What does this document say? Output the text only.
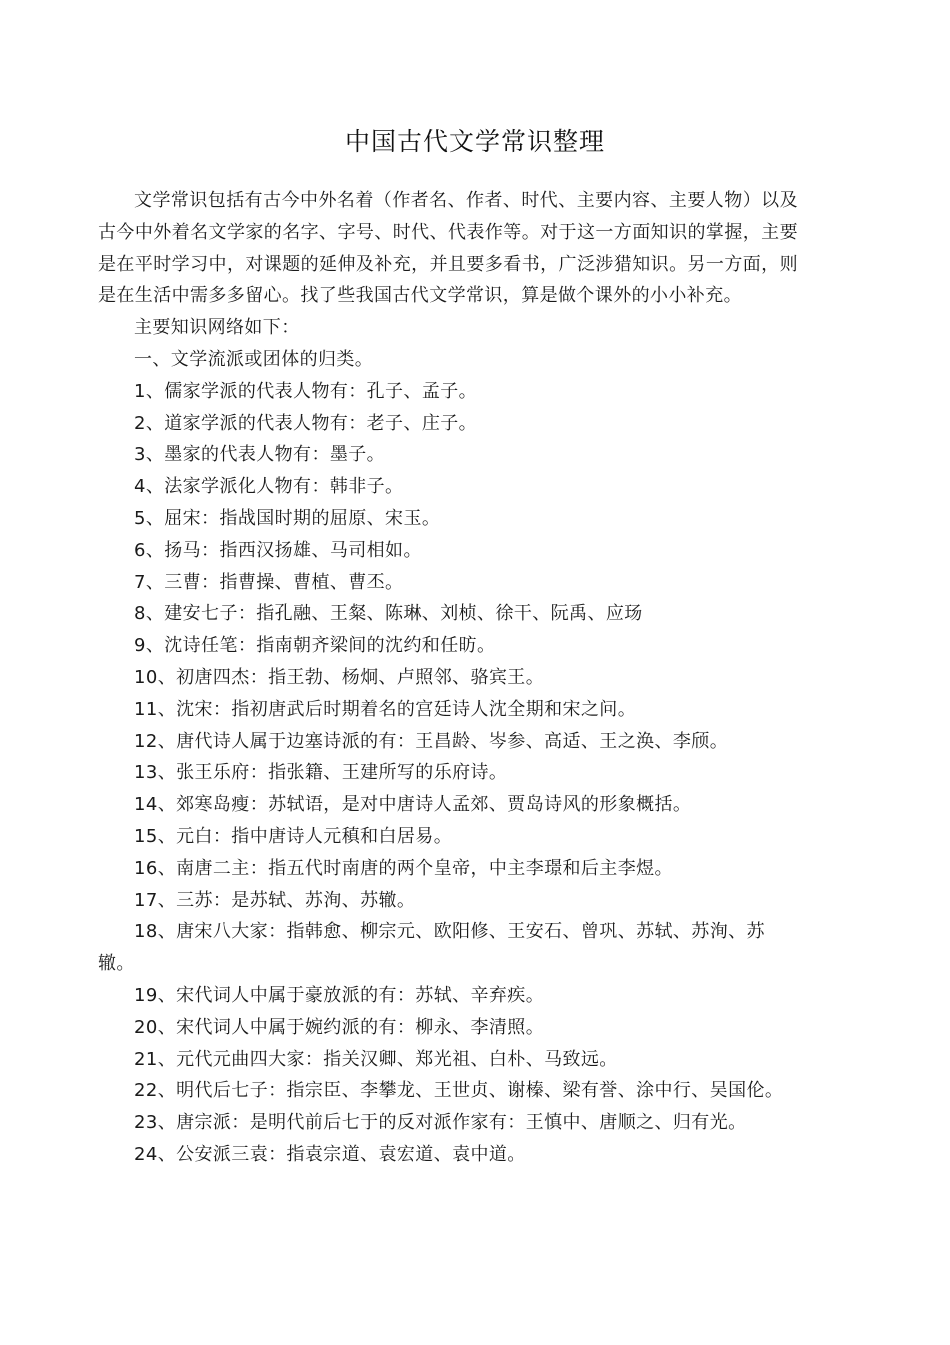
中国古代文学常识整理

文学常识包括有古今中外名着（作者名、作者、时代、主要内容、主要人物）以及古今中外着名文学家的名字、字号、时代、代表作等。对于这一方面知识的掌握，主要是在平时学习中，对课题的延伸及补充，并且要多看书，广泛涉猎知识。另一方面，则是在生活中需多多留心。找了些我国古代文学常识，算是做个课外的小小补充。

主要知识网络如下：

一、文学流派或团体的归类。

1、儒家学派的代表人物有：孔子、孟子。
2、道家学派的代表人物有：老子、庄子。
3、墨家的代表人物有：墨子。
4、法家学派化人物有：韩非子。
5、屈宋：指战国时期的屈原、宋玉。
6、扬马：指西汉扬雄、马司相如。
7、三曹：指曹操、曹植、曹丕。
8、建安七子：指孔融、王粲、陈琳、刘桢、徐干、阮禹、应玚
9、沈诗任笔：指南朝齐梁间的沈约和任昉。
10、初唐四杰：指王勃、杨炯、卢照邻、骆宾王。
11、沈宋：指初唐武后时期着名的宫廷诗人沈全期和宋之问。
12、唐代诗人属于边塞诗派的有：王昌龄、岑参、高适、王之涣、李颀。
13、张王乐府：指张籍、王建所写的乐府诗。
14、郊寒岛瘦：苏轼语，是对中唐诗人孟郊、贾岛诗风的形象概括。
15、元白：指中唐诗人元稹和白居易。
16、南唐二主：指五代时南唐的两个皇帝，中主李璟和后主李煜。
17、三苏：是苏轼、苏洵、苏辙。
18、唐宋八大家：指韩愈、柳宗元、欧阳修、王安石、曾巩、苏轼、苏洵、苏辙。
19、宋代词人中属于豪放派的有：苏轼、辛弃疾。
20、宋代词人中属于婉约派的有：柳永、李清照。
21、元代元曲四大家：指关汉卿、郑光祖、白朴、马致远。
22、明代后七子：指宗臣、李攀龙、王世贞、谢榛、梁有誉、涂中行、吴国伦。
23、唐宗派：是明代前后七于的反对派作家有：王慎中、唐顺之、归有光。
24、公安派三袁：指袁宗道、袁宏道、袁中道。
